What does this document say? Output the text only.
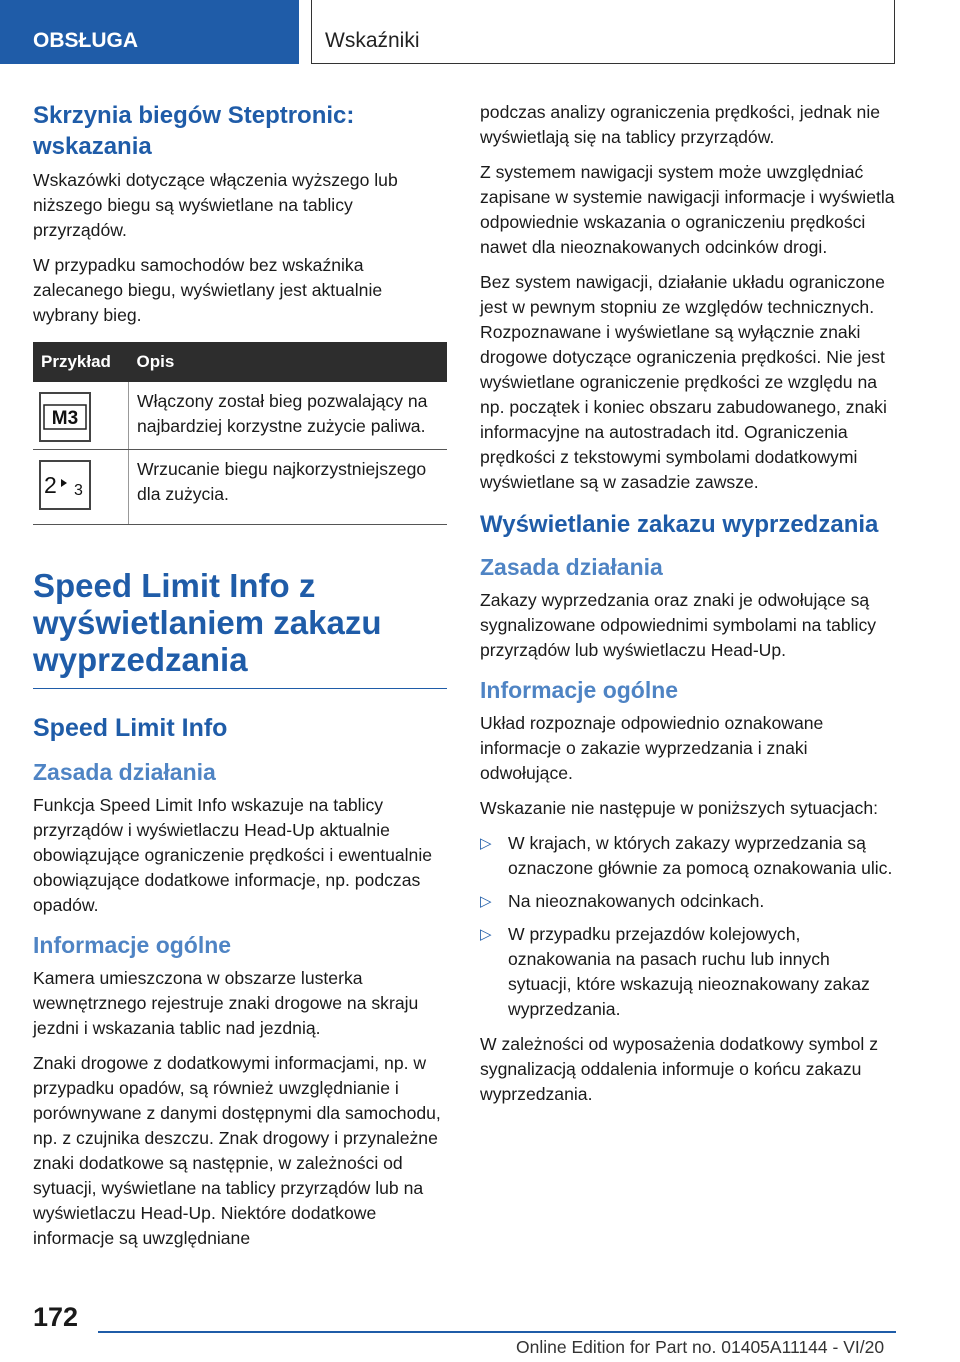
OBSŁUGA	Wskaźniki
Skrzynia biegów Steptronic: wskazania

Wskazówki dotyczące włączenia wyższego lub niższego biegu są wyświetlane na tablicy przyrządów.

W przypadku samochodów bez wskaźnika zalecanego biegu, wyświetlany jest aktualnie wybrany bieg.

Przykład	Opis

M3	Włączony został bieg pozwalający na najbardziej korzystne zużycie paliwa.

2 3	Wrzucanie biegu najkorzystniejszego dla zużycia.
Speed Limit Info z wyświetlaniem zakazu wyprzedzania
Speed Limit Info
Zasada działania

Funkcja Speed Limit Info wskazuje na tablicy przyrządów i wyświetlaczu Head-Up aktualnie obowiązujące ograniczenie prędkości i ewentualnie obowiązujące dodatkowe informacje, np. podczas opadów.

Informacje ogólne

Kamera umieszczona w obszarze lusterka wewnętrznego rejestruje znaki drogowe na skraju jezdni i wskazania tablic nad jezdnią.

Znaki drogowe z dodatkowymi informacjami, np. w przypadku opadów, są również uwzględnianie i porównywane z danymi dostępnymi dla samochodu, np. z czujnika deszczu. Znak drogowy i przynależne znaki dodatkowe są następnie, w zależności od sytuacji, wyświetlane na tablicy przyrządów lub na wyświetlaczu Head-Up. Niektóre dodatkowe informacje są uwzględniane

podczas analizy ograniczenia prędkości, jednak nie wyświetlają się na tablicy przyrządów.

Z systemem nawigacji system może uwzględniać zapisane w systemie nawigacji informacje i wyświetla odpowiednie wskazania o ograniczeniu prędkości nawet dla nieoznakowanych odcinków drogi.

Bez system nawigacji, działanie układu ograniczone jest w pewnym stopniu ze względów technicznych. Rozpoznawane i wyświetlane są wyłącznie znaki drogowe dotyczące ograniczenia prędkości. Nie jest wyświetlane ograniczenie prędkości ze względu na np. początek i koniec obszaru zabudowanego, znaki informacyjne na autostradach itd. Ograniczenia prędkości z tekstowymi symbolami dodatkowymi wyświetlane są w zasadzie zawsze.

Wyświetlanie zakazu wyprzedzania
Zasada działania

Zakazy wyprzedzania oraz znaki je odwołujące są sygnalizowane odpowiednimi symbolami na tablicy przyrządów lub wyświetlaczu Head-Up.

Informacje ogólne

Układ rozpoznaje odpowiednio oznakowane informacje o zakazie wyprzedzania i znaki odwołujące.

Wskazanie nie następuje w poniższych sytuacjach:

▷ W krajach, w których zakazy wyprzedzania są oznaczone głównie za pomocą oznakowania ulic.
▷ Na nieoznakowanych odcinkach.
▷ W przypadku przejazdów kolejowych, oznakowania na pasach ruchu lub innych sytuacji, które wskazują nieoznakowany zakaz wyprzedzania.

W zależności od wyposażenia dodatkowy symbol z sygnalizacją oddalenia informuje o końcu zakazu wyprzedzania.

172
Online Edition for Part no. 01405A11144 - VI/20
